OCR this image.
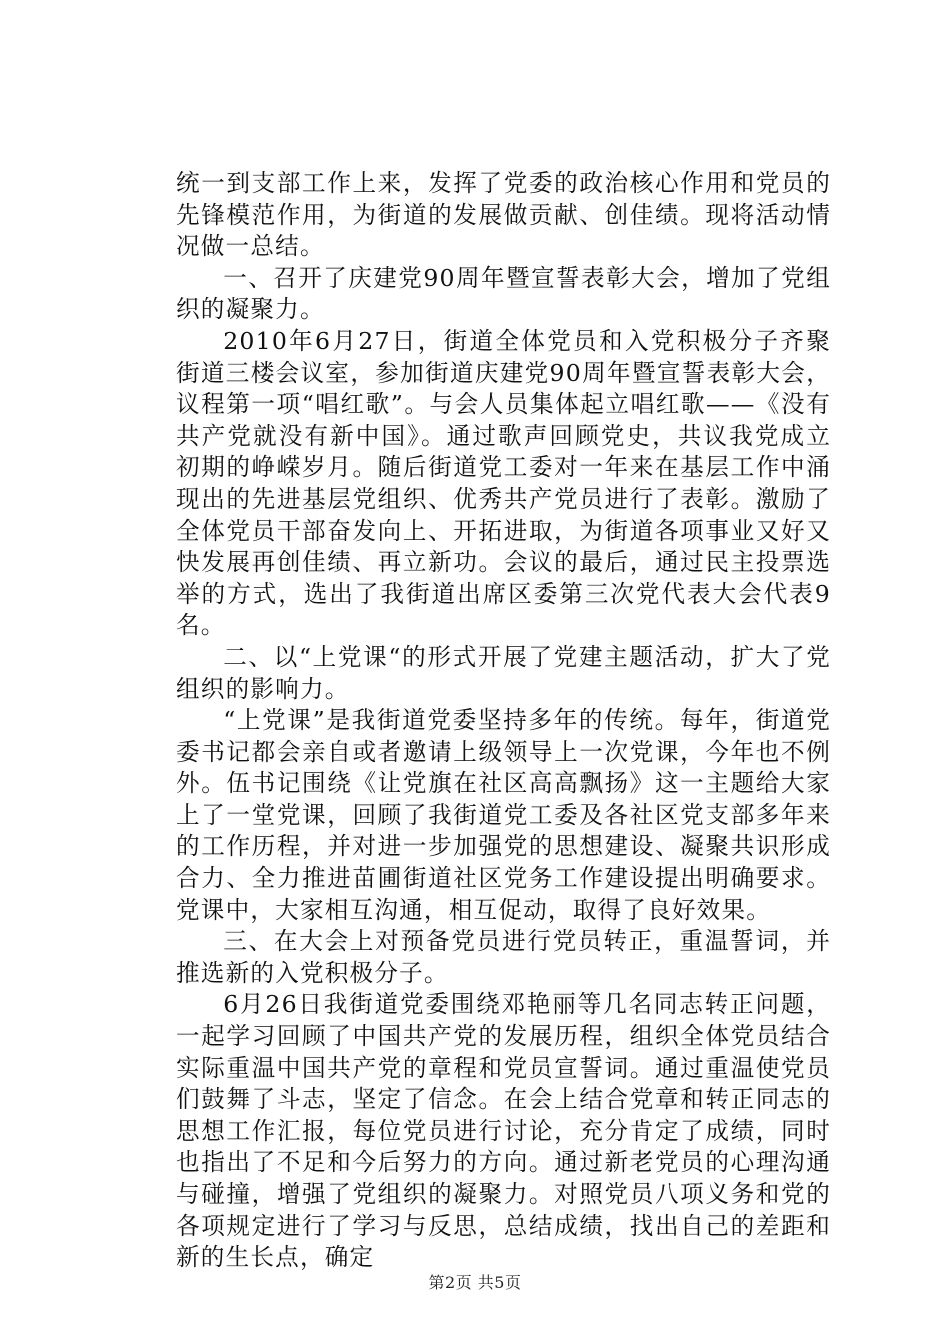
统一到支部工作上来，发挥了党委的政治核心作用和党员的先锋模范作用，为街道的发展做贡献、创佳绩。现将活动情况做一总结。

一、召开了庆建党90周年暨宣誓表彰大会，增加了党组织的凝聚力。

2010年6月27日，街道全体党员和入党积极分子齐聚街道三楼会议室，参加街道庆建党90周年暨宣誓表彰大会，议程第一项“唱红歌”。与会人员集体起立唱红歌——《没有共产党就没有新中国》。通过歌声回顾党史，共议我党成立初期的峥嵘岁月。随后街道党工委对一年来在基层工作中涌现出的先进基层党组织、优秀共产党员进行了表彰。激励了全体党员干部奋发向上、开拓进取，为街道各项事业又好又快发展再创佳绩、再立新功。会议的最后，通过民主投票选举的方式，选出了我街道出席区委第三次党代表大会代表9名。

二、以“上党课“的形式开展了党建主题活动，扩大了党组织的影响力。

“上党课”是我街道党委坚持多年的传统。每年，街道党委书记都会亲自或者邀请上级领导上一次党课，今年也不例外。伍书记围绕《让党旗在社区高高飘扬》这一主题给大家上了一堂党课，回顾了我街道党工委及各社区党支部多年来的工作历程，并对进一步加强党的思想建设、凝聚共识形成合力、全力推进苗圃街道社区党务工作建设提出明确要求。党课中，大家相互沟通，相互促动，取得了良好效果。

三、在大会上对预备党员进行党员转正，重温誓词，并推选新的入党积极分子。

6月26日我街道党委围绕邓艳丽等几名同志转正问题，一起学习回顾了中国共产党的发展历程，组织全体党员结合实际重温中国共产党的章程和党员宣誓词。通过重温使党员们鼓舞了斗志，坚定了信念。在会上结合党章和转正同志的思想工作汇报，每位党员进行讨论，充分肯定了成绩，同时也指出了不足和今后努力的方向。通过新老党员的心理沟通与碰撞，增强了党组织的凝聚力。对照党员八项义务和党的各项规定进行了学习与反思，总结成绩，找出自己的差距和新的生长点，确定

第2页 共5页
